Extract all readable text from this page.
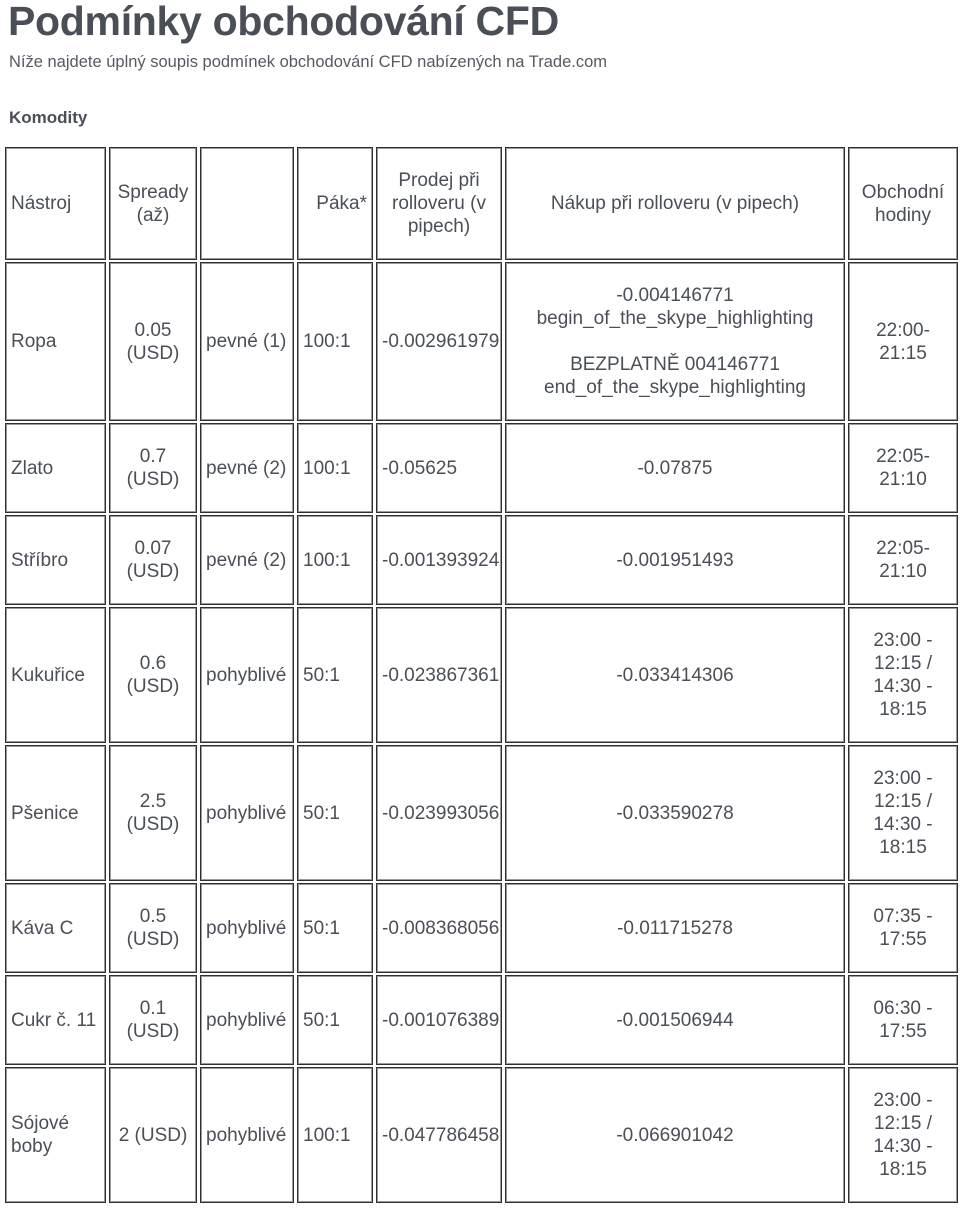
Podmínky obchodování CFD
Níže najdete úplný soupis podmínek obchodování CFD nabízených na Trade.com
Komodity
Nástroj	Spready (až)		Páka*	Prodej při rolloveru (v pipech)	Nákup při rolloveru (v pipech)	Obchodní hodiny
Ropa	0.05 (USD)	pevné (1)	100:1	-0.002961979	-0.004146771 begin_of_the_skype_highlighting
BEZPLATNĚ 004146771 end_of_the_skype_highlighting	22:00-21:15
Zlato	0.7 (USD)	pevné (2)	100:1	-0.05625	-0.07875	22:05-21:10
Stříbro	0.07 (USD)	pevné (2)	100:1	-0.001393924	-0.001951493	22:05-21:10
Kukuřice	0.6 (USD)	pohyblivé	50:1	-0.023867361	-0.033414306	23:00 - 12:15 / 14:30 - 18:15
Pšenice	2.5 (USD)	pohyblivé	50:1	-0.023993056	-0.033590278	23:00 - 12:15 / 14:30 - 18:15
Káva C	0.5 (USD)	pohyblivé	50:1	-0.008368056	-0.011715278	07:35 - 17:55
Cukr č. 11	0.1 (USD)	pohyblivé	50:1	-0.001076389	-0.001506944	06:30 - 17:55
Sójové boby	2 (USD)	pohyblivé	100:1	-0.047786458	-0.066901042	23:00 - 12:15 / 14:30 - 18:15
